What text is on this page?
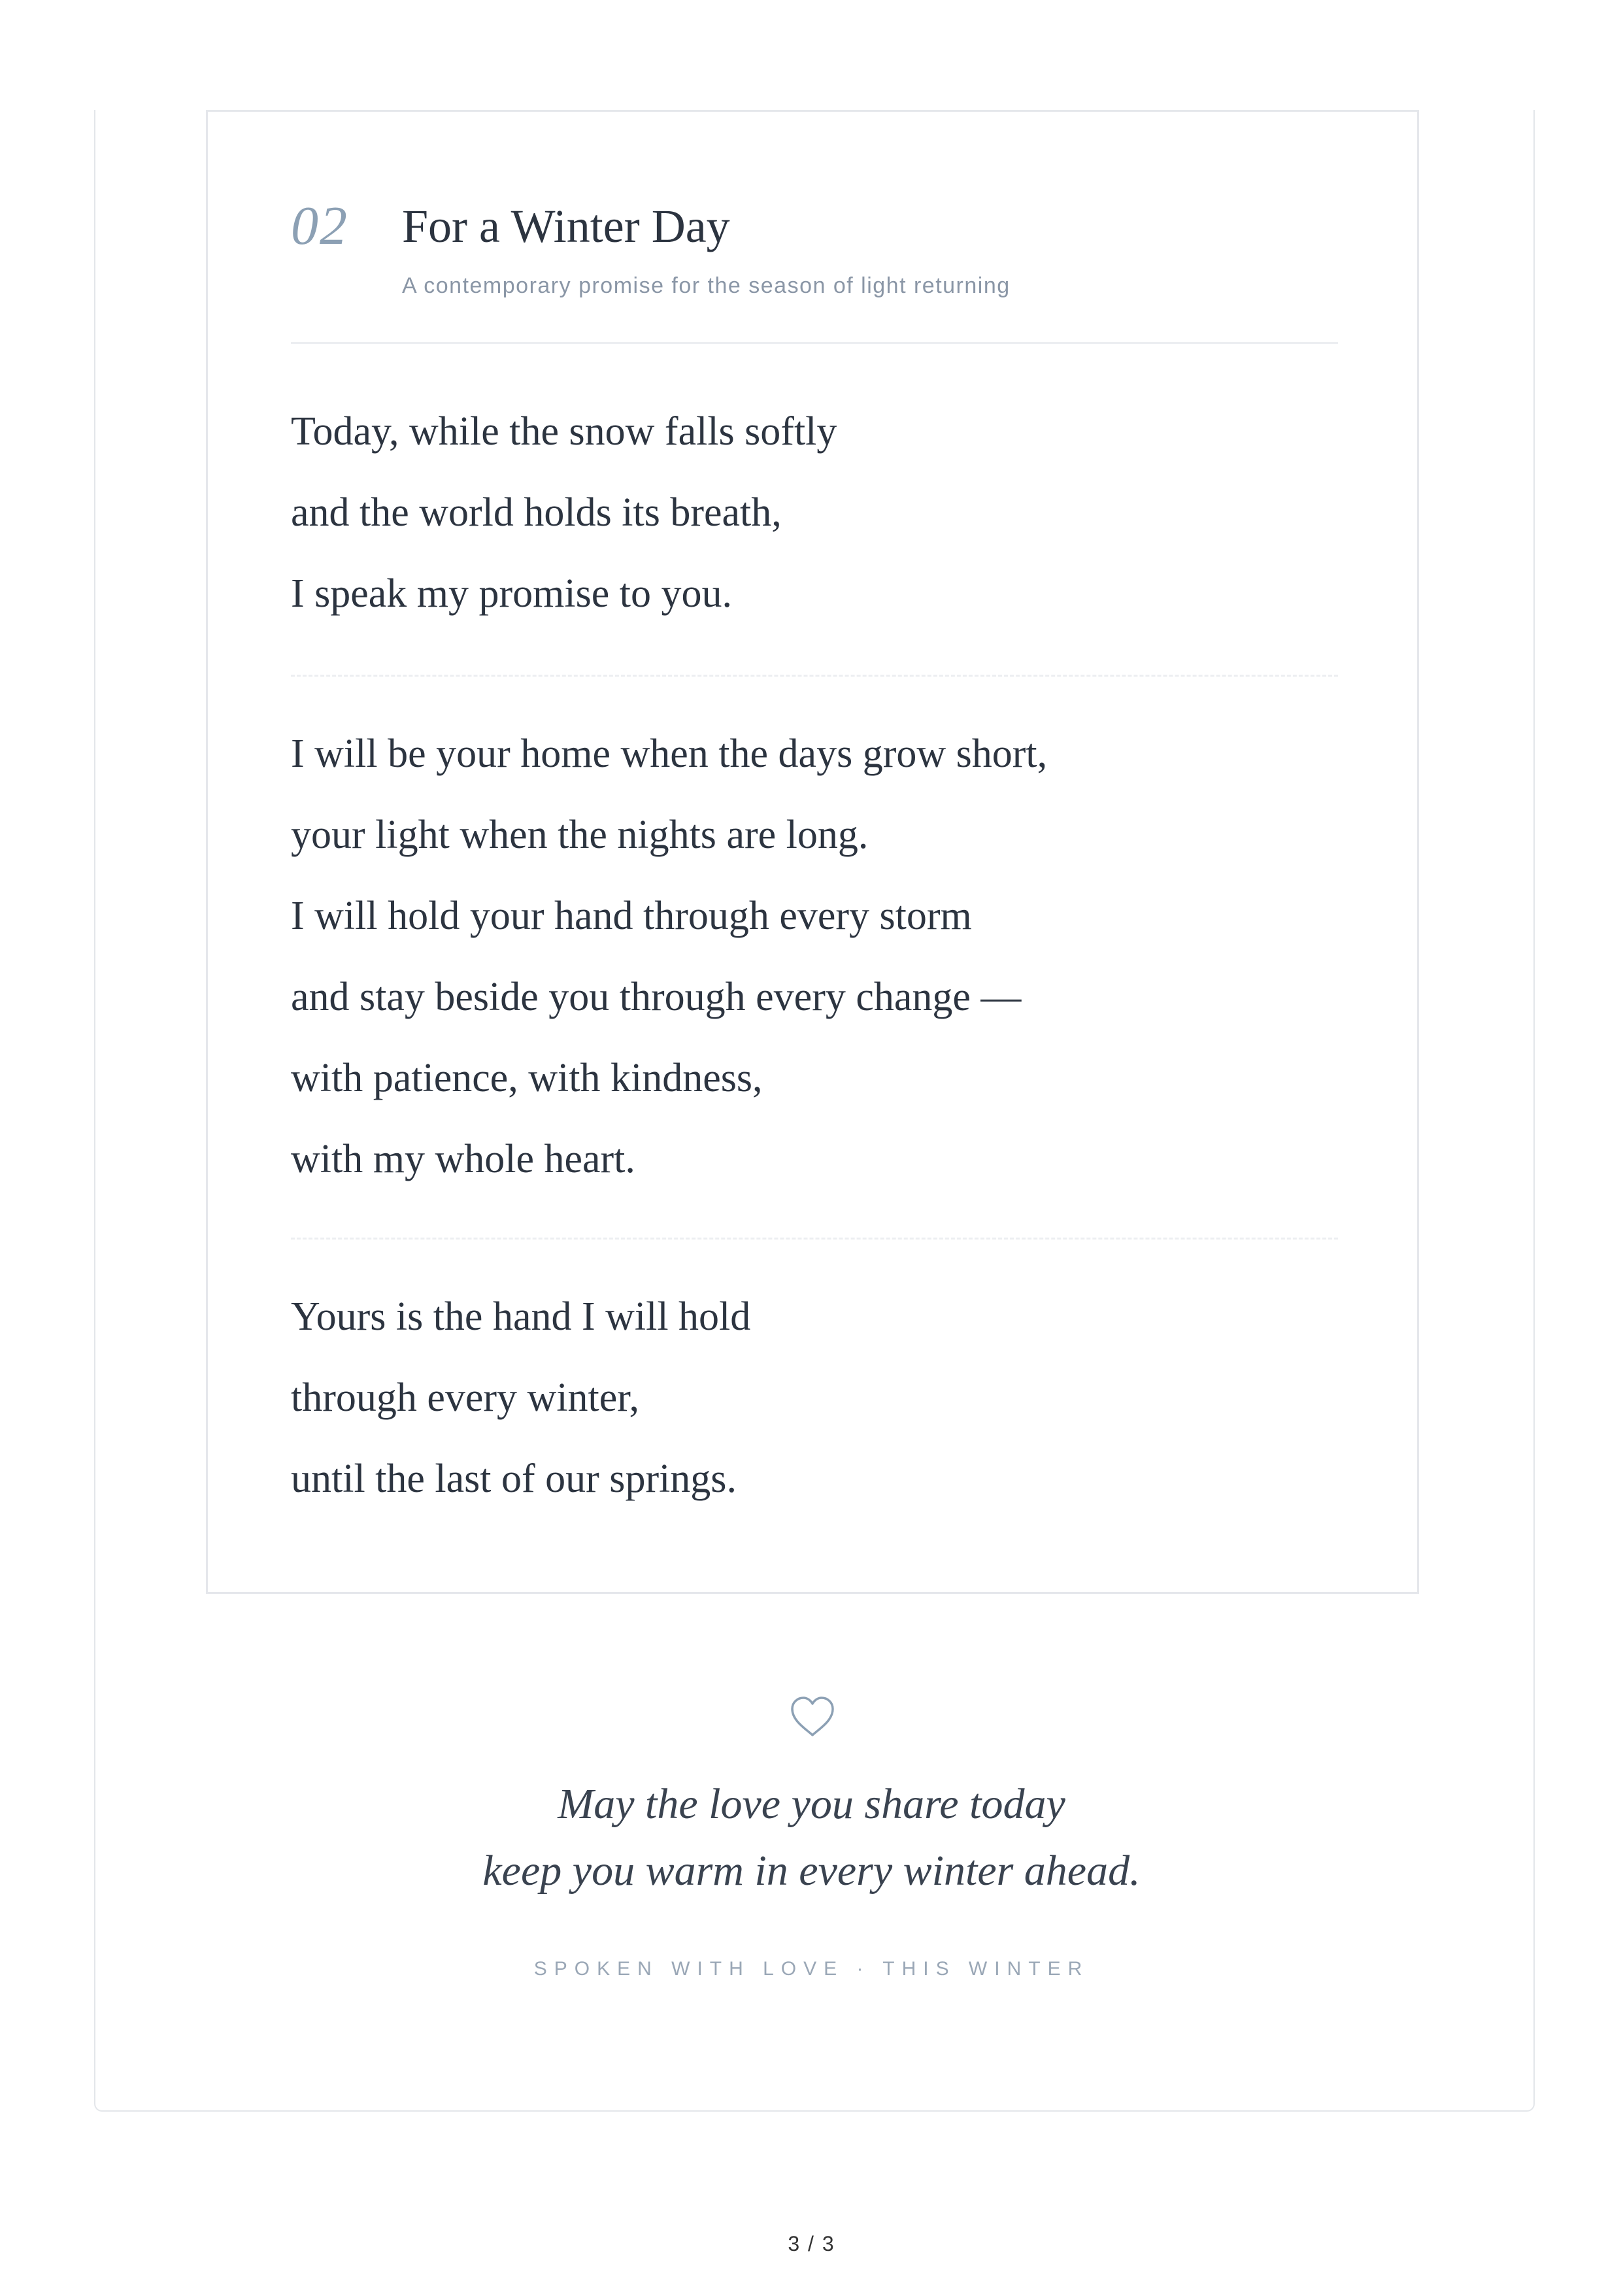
02 For a Winter Day
A contemporary promise for the season of light returning
Today, while the snow falls softly
and the world holds its breath,
I speak my promise to you.
I will be your home when the days grow short,
your light when the nights are long.
I will hold your hand through every storm
and stay beside you through every change —
with patience, with kindness,
with my whole heart.
Yours is the hand I will hold
through every winter,
until the last of our springs.
May the love you share today
keep you warm in every winter ahead.
SPOKEN WITH LOVE · THIS WINTER
3 / 3
